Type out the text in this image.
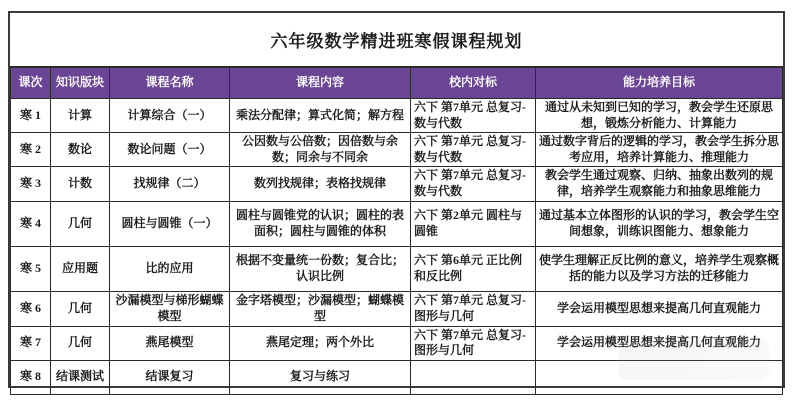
六年级数学精进班寒假课程规划
课次	知识版块	课程名称	课程内容	校内对标	能力培养目标
寒 1	计算	计算综合（一）	乘法分配律；算式化简；解方程	六下 第7单元 总复习-数与代数	通过从未知到已知的学习，教会学生还原思想，锻炼分析能力、计算能力
寒 2	数论	数论问题（一）	公因数与公倍数；因倍数与余数；同余与不同余	六下 第7单元 总复习-数与代数	通过数字背后的逻辑的学习，教会学生拆分思考应用，培养计算能力、推理能力
寒 3	计数	找规律（二）	数列找规律；表格找规律	六下 第7单元 总复习-数与代数	教会学生通过观察、归纳、抽象出数列的规律，培养学生观察能力和抽象思维能力
寒 4	几何	圆柱与圆锥（一）	圆柱与圆锥党的认识；圆柱的表面积；圆柱与圆锥的体积	六下 第2单元 圆柱与圆锥	通过基本立体图形的认识的学习，教会学生空间想象，训练识图能力、想象能力
寒 5	应用题	比的应用	根据不变量统一份数；复合比；认识比例	六下 第6单元 正比例和反比例	使学生理解正反比例的意义，培养学生观察概括的能力以及学习方法的迁移能力
寒 6	几何	沙漏模型与梯形蝴蝶模型	金字塔模型；沙漏模型；蝴蝶模型	六下 第7单元 总复习-图形与几何	学会运用模型思想来提高几何直观能力
寒 7	几何	燕尾模型	燕尾定理；两个外比	六下 第7单元 总复习-图形与几何	学会运用模型思想来提高几何直观能力
寒 8	结课测试	结课复习	复习与练习		
